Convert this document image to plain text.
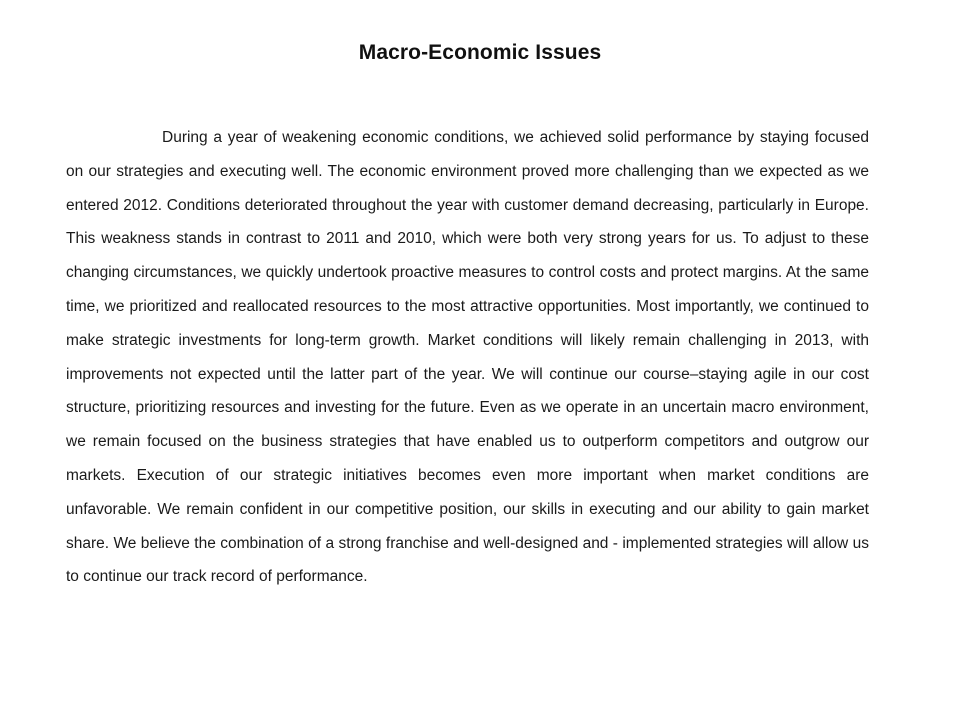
Macro-Economic Issues

During a year of weakening economic conditions, we achieved solid performance by staying focused on our strategies and executing well. The economic environment proved more challenging than we expected as we entered 2012. Conditions deteriorated throughout the year with customer demand decreasing, particularly in Europe. This weakness stands in contrast to 2011 and 2010, which were both very strong years for us. To adjust to these changing circumstances, we quickly undertook proactive measures to control costs and protect margins. At the same time, we prioritized and reallocated resources to the most attractive opportunities. Most importantly, we continued to make strategic investments for long-term growth. Market conditions will likely remain challenging in 2013, with improvements not expected until the latter part of the year. We will continue our course–staying agile in our cost structure, prioritizing resources and investing for the future. Even as we operate in an uncertain macro environment, we remain focused on the business strategies that have enabled us to outperform competitors and outgrow our markets. Execution of our strategic initiatives becomes even more important when market conditions are unfavorable. We remain confident in our competitive position, our skills in executing and our ability to gain market share. We believe the combination of a strong franchise and well-designed and - implemented strategies will allow us to continue our track record of performance.
